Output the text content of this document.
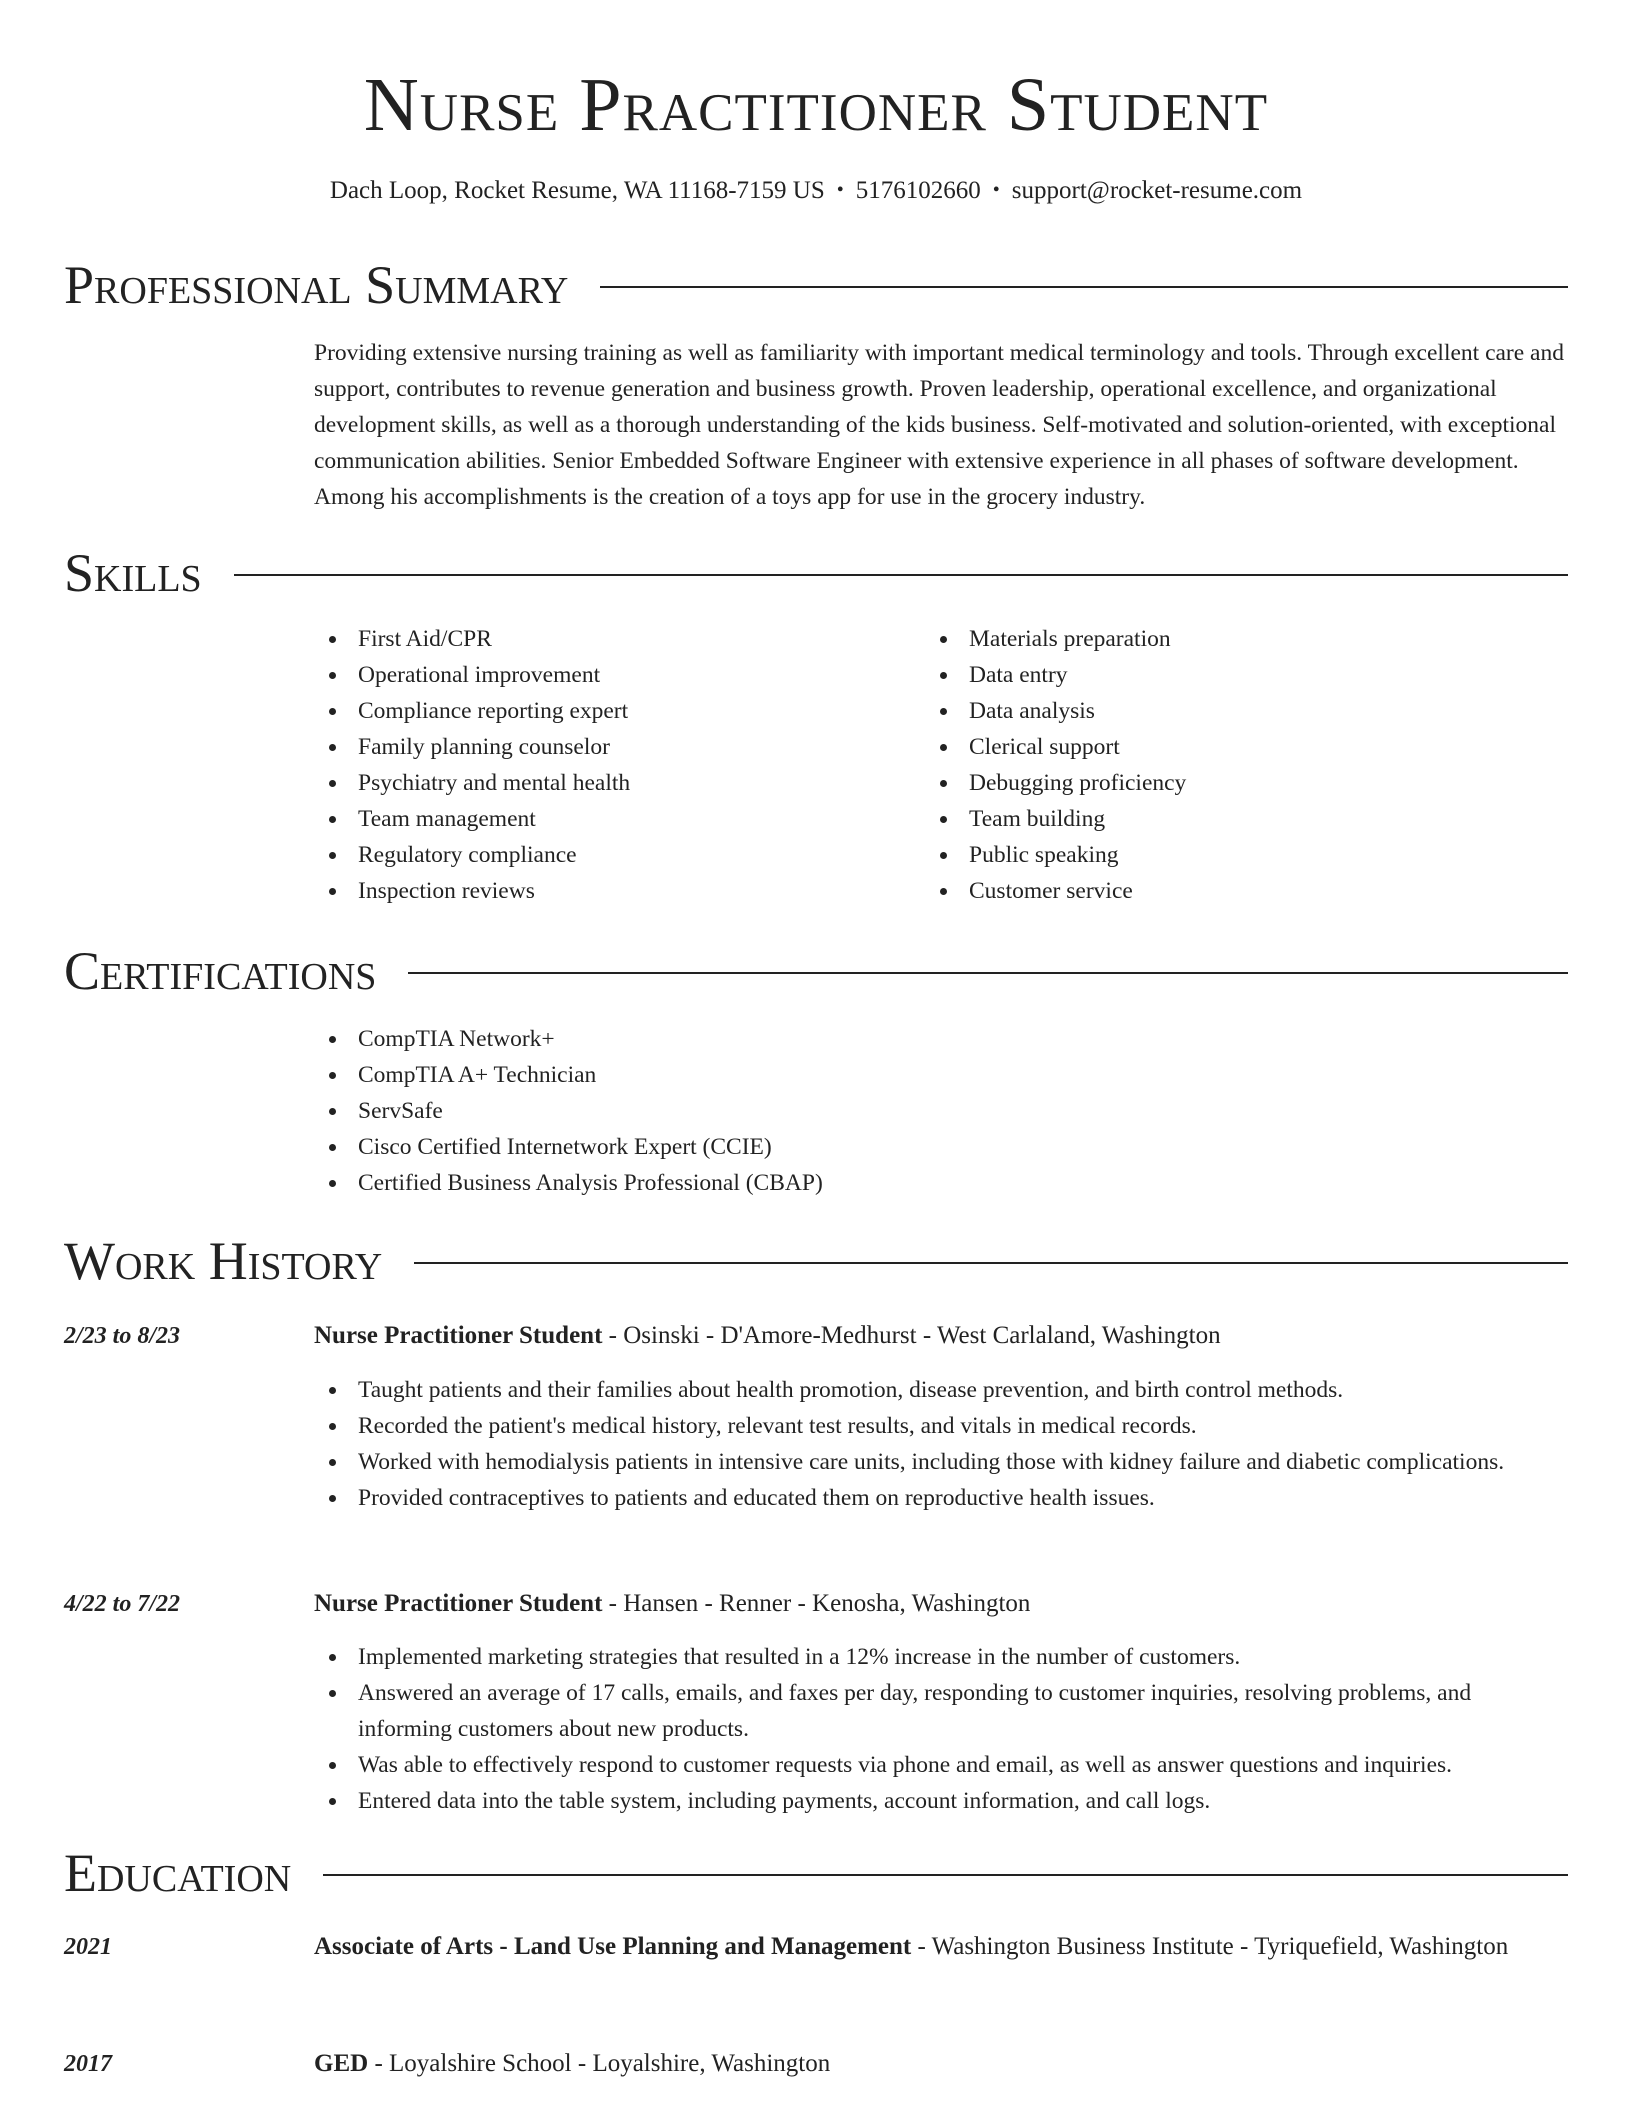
Nurse Practitioner Student
Dach Loop, Rocket Resume, WA 11168-7159 US • 5176102660 • support@rocket-resume.com
Professional Summary
Providing extensive nursing training as well as familiarity with important medical terminology and tools. Through excellent care and support, contributes to revenue generation and business growth. Proven leadership, operational excellence, and organizational development skills, as well as a thorough understanding of the kids business. Self-motivated and solution-oriented, with exceptional communication abilities. Senior Embedded Software Engineer with extensive experience in all phases of software development. Among his accomplishments is the creation of a toys app for use in the grocery industry.
Skills
First Aid/CPR
Operational improvement
Compliance reporting expert
Family planning counselor
Psychiatry and mental health
Team management
Regulatory compliance
Inspection reviews
Materials preparation
Data entry
Data analysis
Clerical support
Debugging proficiency
Team building
Public speaking
Customer service
Certifications
CompTIA Network+
CompTIA A+ Technician
ServSafe
Cisco Certified Internetwork Expert (CCIE)
Certified Business Analysis Professional (CBAP)
Work History
2/23 to 8/23	Nurse Practitioner Student - Osinski - D'Amore-Medhurst - West Carlaland, Washington
Taught patients and their families about health promotion, disease prevention, and birth control methods.
Recorded the patient's medical history, relevant test results, and vitals in medical records.
Worked with hemodialysis patients in intensive care units, including those with kidney failure and diabetic complications.
Provided contraceptives to patients and educated them on reproductive health issues.
4/22 to 7/22	Nurse Practitioner Student - Hansen - Renner - Kenosha, Washington
Implemented marketing strategies that resulted in a 12% increase in the number of customers.
Answered an average of 17 calls, emails, and faxes per day, responding to customer inquiries, resolving problems, and informing customers about new products.
Was able to effectively respond to customer requests via phone and email, as well as answer questions and inquiries.
Entered data into the table system, including payments, account information, and call logs.
Education
2021	Associate of Arts - Land Use Planning and Management - Washington Business Institute - Tyriquefield, Washington
2017	GED - Loyalshire School - Loyalshire, Washington
